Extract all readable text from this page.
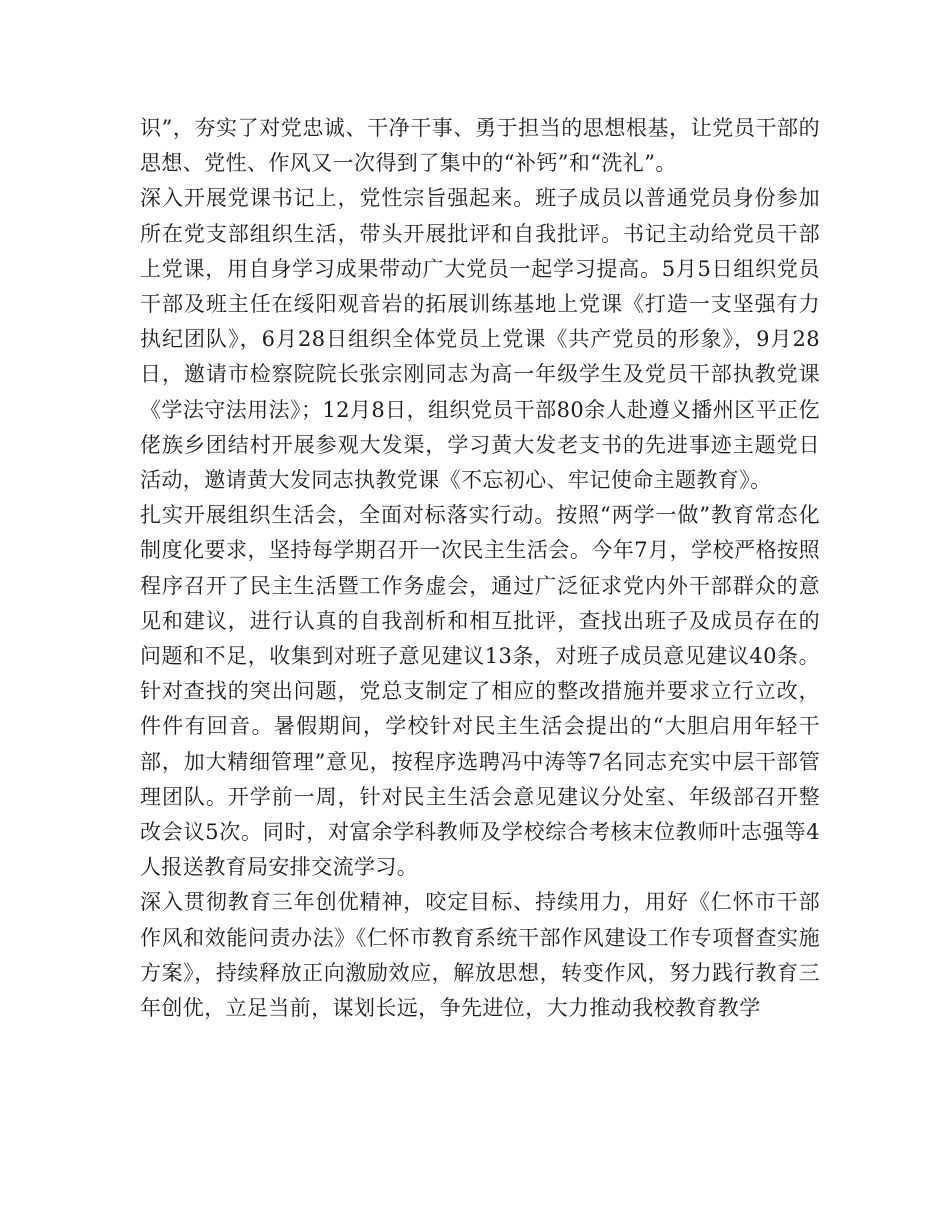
识”，夯实了对党忠诚、干净干事、勇于担当的思想根基，让党员干部的思想、党性、作风又一次得到了集中的“补钙”和“洗礼”。

深入开展党课书记上，党性宗旨强起来。班子成员以普通党员身份参加所在党支部组织生活，带头开展批评和自我批评。书记主动给党员干部上党课，用自身学习成果带动广大党员一起学习提高。5月5日组织党员干部及班主任在绥阳观音岩的拓展训练基地上党课《打造一支坚强有力执纪团队》，6月28日组织全体党员上党课《共产党员的形象》，9月28日，邀请市检察院院长张宗刚同志为高一年级学生及党员干部执教党课《学法守法用法》；12月8日，组织党员干部80余人赴遵义播州区平正仡佬族乡团结村开展参观大发渠，学习黄大发老支书的先进事迹主题党日活动，邀请黄大发同志执教党课《不忘初心、牢记使命主题教育》。

扎实开展组织生活会，全面对标落实行动。按照“两学一做”教育常态化制度化要求，坚持每学期召开一次民主生活会。今年7月，学校严格按照程序召开了民主生活暨工作务虚会，通过广泛征求党内外干部群众的意见和建议，进行认真的自我剖析和相互批评，查找出班子及成员存在的问题和不足，收集到对班子意见建议13条，对班子成员意见建议40条。针对查找的突出问题，党总支制定了相应的整改措施并要求立行立改，件件有回音。暑假期间，学校针对民主生活会提出的“大胆启用年轻干部，加大精细管理”意见，按程序选聘冯中涛等7名同志充实中层干部管理团队。开学前一周，针对民主生活会意见建议分处室、年级部召开整改会议5次。同时，对富余学科教师及学校综合考核末位教师叶志强等4人报送教育局安排交流学习。

深入贯彻教育三年创优精神，咬定目标、持续用力，用好《仁怀市干部作风和效能问责办法》《仁怀市教育系统干部作风建设工作专项督查实施方案》，持续释放正向激励效应，解放思想，转变作风，努力践行教育三年创优，立足当前，谋划长远，争先进位，大力推动我校教育教学
